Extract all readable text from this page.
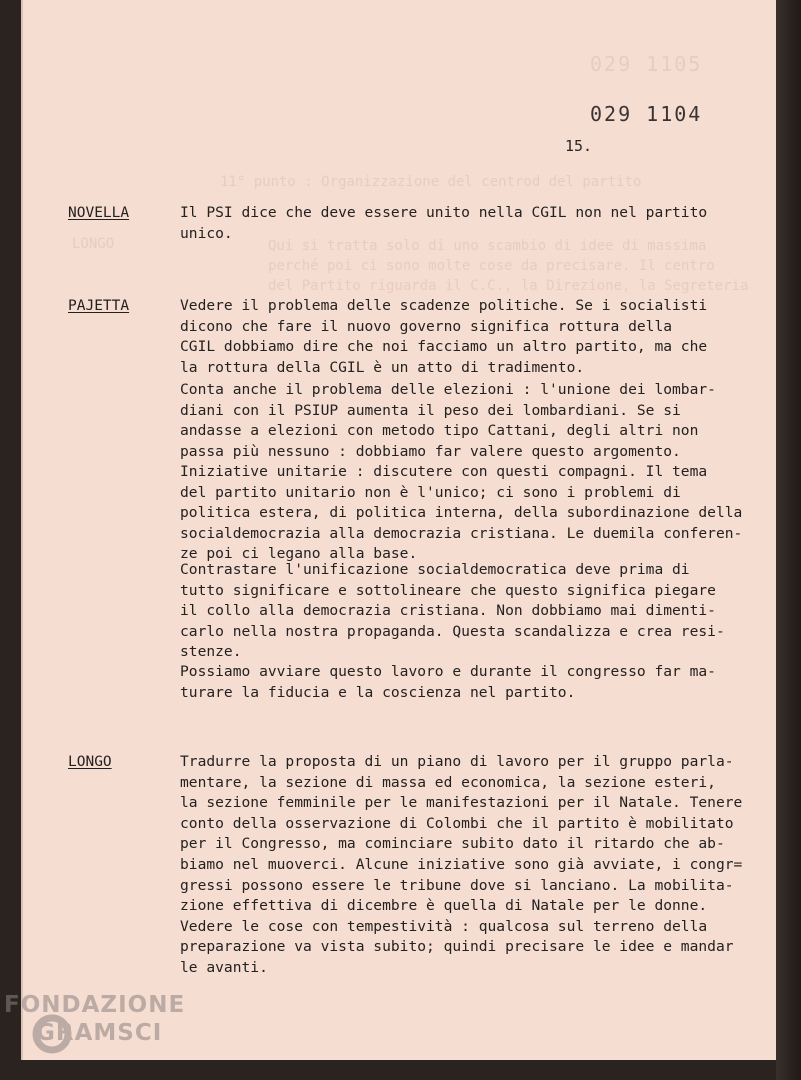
11° punto : Organizzazione del centrod del partito
Qui si tratta solo di uno scambio di idee di massima
perché poi ci sono molte cose da precisare. Il centro
del Partito riguarda il C.C., la Direzione, la Segreteria
LONGO
029 1105
029 1104
15.
NOVELLA	Il PSI dice che deve essere unito nella CGIL non nel partito
unico.

PAJETTA	Vedere il problema delle scadenze politiche. Se i socialisti
dicono che fare il nuovo governo significa rottura della
CGIL dobbiamo dire che noi facciamo un altro partito, ma che
la rottura della CGIL è un atto di tradimento.

Conta anche il problema delle elezioni : l'unione dei lombar-
diani con il PSIUP aumenta il peso dei lombardiani. Se si
andasse a elezioni con metodo tipo Cattani, degli altri non
passa più nessuno : dobbiamo far valere questo argomento.

Iniziative unitarie : discutere con questi compagni. Il tema
del partito unitario non è l'unico; ci sono i problemi di
politica estera, di politica interna, della subordinazione della
socialdemocrazia alla democrazia cristiana. Le duemila conferen-
ze poi ci legano alla base.

Contrastare l'unificazione socialdemocratica deve prima di
tutto significare e sottolineare che questo significa piegare
il collo alla democrazia cristiana. Non dobbiamo mai dimenti-
carlo nella nostra propaganda. Questa scandalizza e crea resi-
stenze.

Possiamo avviare questo lavoro e durante il congresso far ma-
turare la fiducia e la coscienza nel partito.

LONGO	Tradurre la proposta di un piano di lavoro per il gruppo parla-
mentare, la sezione di massa ed economica, la sezione esteri,
la sezione femminile per le manifestazioni per il Natale. Tenere
conto della osservazione di Colombi che il partito è mobilitato
per il Congresso, ma cominciare subito dato il ritardo che ab-
biamo nel muoverci. Alcune iniziative sono già avviate, i congr=
gressi possono essere le tribune dove si lanciano. La mobilita-
zione effettiva di dicembre è quella di Natale per le donne.
Vedere le cose con tempestività : qualcosa sul terreno della
preparazione va vista subito; quindi precisare le idee e mandar
le avanti.

FONDAZIONE
GRAMSCI
